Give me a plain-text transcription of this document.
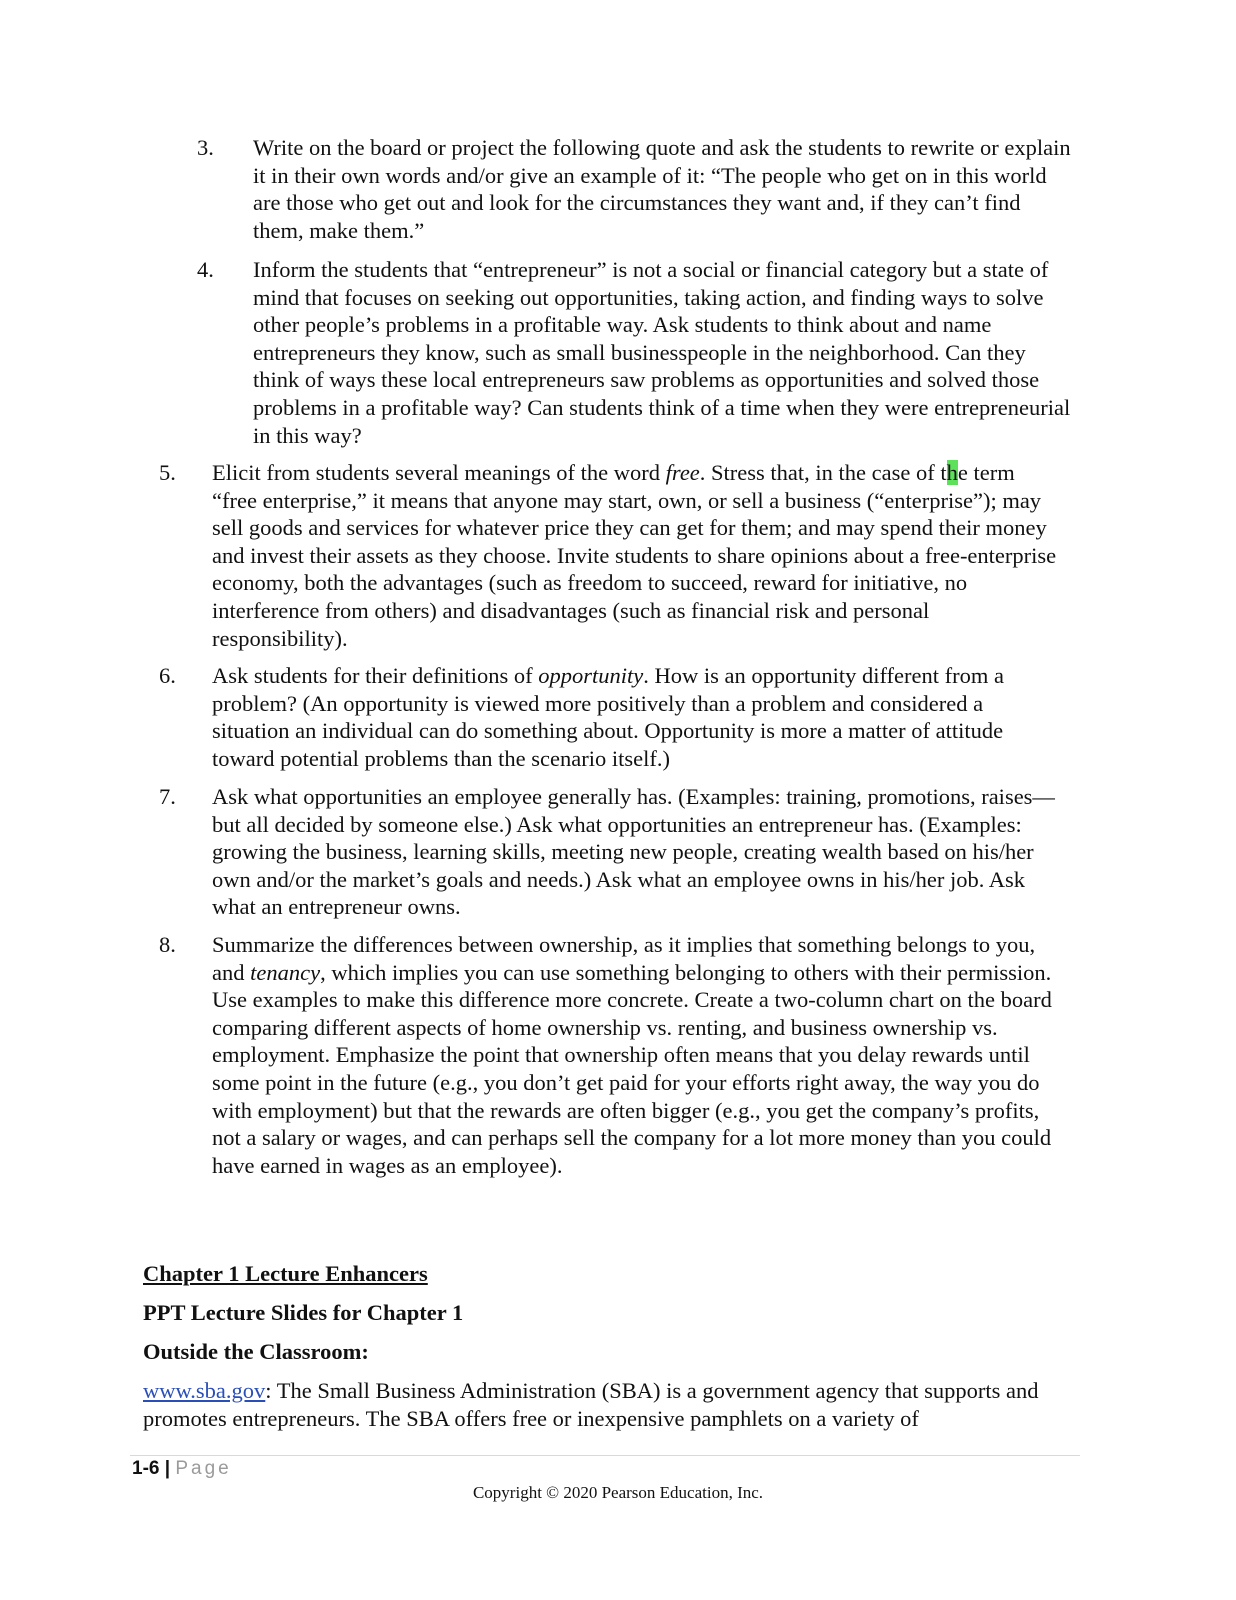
3. Write on the board or project the following quote and ask the students to rewrite or explain it in their own words and/or give an example of it: “The people who get on in this world are those who get out and look for the circumstances they want and, if they can’t find them, make them.”
4. Inform the students that “entrepreneur” is not a social or financial category but a state of mind that focuses on seeking out opportunities, taking action, and finding ways to solve other people’s problems in a profitable way. Ask students to think about and name entrepreneurs they know, such as small businesspeople in the neighborhood. Can they think of ways these local entrepreneurs saw problems as opportunities and solved those problems in a profitable way? Can students think of a time when they were entrepreneurial in this way?
5. Elicit from students several meanings of the word free. Stress that, in the case of the term “free enterprise,” it means that anyone may start, own, or sell a business (“enterprise”); may sell goods and services for whatever price they can get for them; and may spend their money and invest their assets as they choose. Invite students to share opinions about a free-enterprise economy, both the advantages (such as freedom to succeed, reward for initiative, no interference from others) and disadvantages (such as financial risk and personal responsibility).
6. Ask students for their definitions of opportunity. How is an opportunity different from a problem? (An opportunity is viewed more positively than a problem and considered a situation an individual can do something about. Opportunity is more a matter of attitude toward potential problems than the scenario itself.)
7. Ask what opportunities an employee generally has. (Examples: training, promotions, raises—but all decided by someone else.) Ask what opportunities an entrepreneur has. (Examples: growing the business, learning skills, meeting new people, creating wealth based on his/her own and/or the market’s goals and needs.) Ask what an employee owns in his/her job. Ask what an entrepreneur owns.
8. Summarize the differences between ownership, as it implies that something belongs to you, and tenancy, which implies you can use something belonging to others with their permission. Use examples to make this difference more concrete. Create a two-column chart on the board comparing different aspects of home ownership vs. renting, and business ownership vs. employment. Emphasize the point that ownership often means that you delay rewards until some point in the future (e.g., you don’t get paid for your efforts right away, the way you do with employment) but that the rewards are often bigger (e.g., you get the company’s profits, not a salary or wages, and can perhaps sell the company for a lot more money than you could have earned in wages as an employee).
Chapter 1 Lecture Enhancers
PPT Lecture Slides for Chapter 1
Outside the Classroom:
www.sba.gov: The Small Business Administration (SBA) is a government agency that supports and promotes entrepreneurs. The SBA offers free or inexpensive pamphlets on a variety of
1-6 | Page
Copyright © 2020 Pearson Education, Inc.
